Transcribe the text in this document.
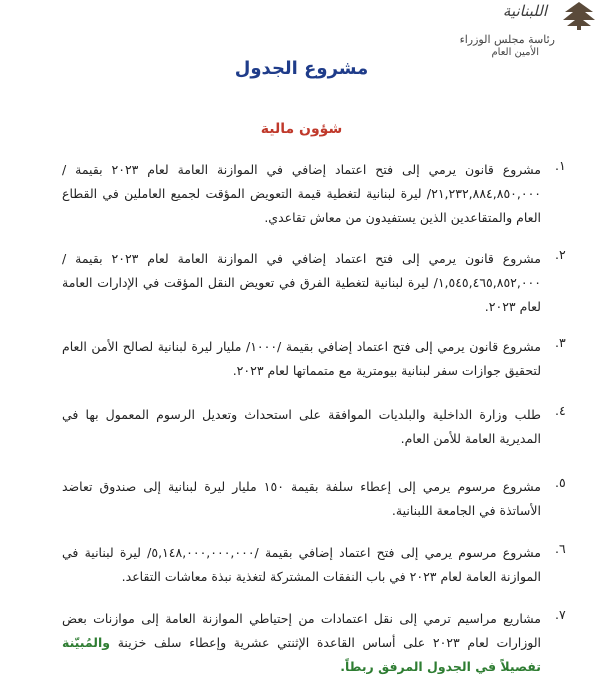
اللبنانية
رئاسة مجلس الوزراء
الأمين العام
مشروع الجدول
شؤون مالية
١.
مشروع قانون يرمي إلى فتح اعتماد إضافي في الموازنة العامة لعام ٢٠٢٣ بقيمة /٢١,٢٣٢,٨٨٤,٨٥٠,٠٠٠/ ليرة لبنانية لتغطية قيمة التعويض المؤقت لجميع العاملين في القطاع العام والمتقاعدين الذين يستفيدون من معاش تقاعدي.
٢.
مشروع قانون يرمي إلى فتح اعتماد إضافي في الموازنة العامة لعام ٢٠٢٣ بقيمة /١,٥٤٥,٤٦٥,٨٥٢,٠٠٠/ ليرة لبنانية لتغطية الفرق في تعويض النقل المؤقت في الإدارات العامة لعام ٢٠٢٣.
٣.
مشروع قانون يرمي إلى فتح اعتماد إضافي بقيمة /١٠٠٠/ مليار ليرة لبنانية لصالح الأمن العام لتحقيق جوازات سفر لبنانية بيومترية مع متمماتها لعام ٢٠٢٣.
٤.
طلب وزارة الداخلية والبلديات الموافقة على استحداث وتعديل الرسوم المعمول بها في المديرية العامة للأمن العام.
٥.
مشروع مرسوم يرمي إلى إعطاء سلفة بقيمة ١٥٠ مليار ليرة لبنانية إلى صندوق تعاضد الأساتذة في الجامعة اللبنانية.
٦.
مشروع مرسوم يرمي إلى فتح اعتماد إضافي بقيمة /٥,١٤٨,٠٠٠,٠٠٠,٠٠٠/ ليرة لبنانية في الموازنة العامة لعام ٢٠٢٣ في باب النفقات المشتركة لتغذية نبذة معاشات التقاعد.
٧.
مشاريع مراسيم ترمي إلى نقل اعتمادات من إحتياطي الموازنة العامة إلى موازنات بعض الوزارات لعام ٢٠٢٣ على أساس القاعدة الإثنتي عشرية وإعطاء سلف خزينة والمُبيّنة تفصيلاً في الجدول المرفق ربطاً.
